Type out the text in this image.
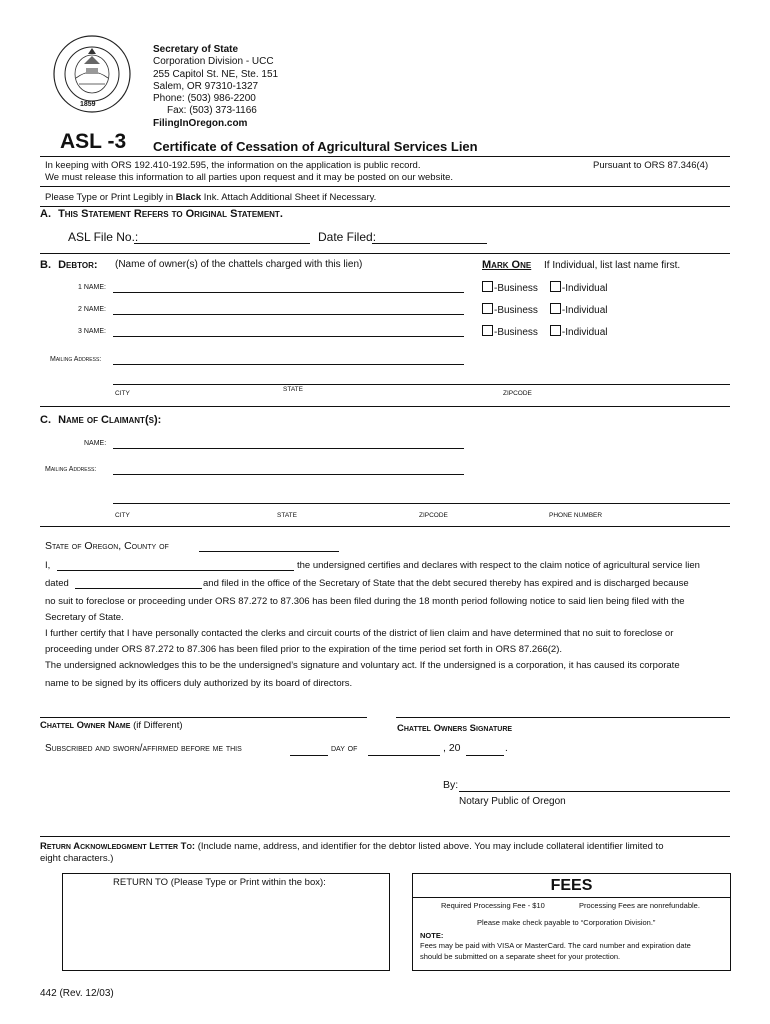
1859
Secretary of State
Corporation Division - UCC
255 Capitol St. NE, Ste. 151
Salem, OR 97310-1327
Phone: (503) 986-2200
Fax: (503) 373-1166
FilingInOregon.com
ASL -3 Certificate of Cessation of Agricultural Services Lien
In keeping with ORS 192.410-192.595, the information on the application is public record.
We must release this information to all parties upon request and it may be posted on our website.
Pursuant to ORS 87.346(4)
Please Type or Print Legibly in Black Ink. Attach Additional Sheet if Necessary.
A. This Statement Refers to Original Statement.
ASL File No.:	Date Filed:
B. Debtor: (Name of owner(s) of the chattels charged with this lien)	Mark One If Individual, list last name first.
1 NAME:	-Business -Individual
2 NAME:	-Business -Individual
3 NAME:	-Business -Individual
Mailing Address:
CITY
STATE
ZIPCODE
C. Name of Claimant(s):
NAME:
Mailing Address:
CITY	STATE	ZIPCODE	PHONE NUMBER
State of Oregon, County of
I,	the undersigned certifies and declares with respect to the claim notice of agricultural service lien
dated	and filed in the office of the Secretary of State that the debt secured thereby has expired and is discharged because
no suit to foreclose or proceeding under ORS 87.272 to 87.306 has been filed during the 18 month period following notice to said lien being filed with the
Secretary of State.
I further certify that I have personally contacted the clerks and circuit courts of the district of lien claim and have determined that no suit to foreclose or
proceeding under ORS 87.272 to 87.306 has been filed prior to the expiration of the time period set forth in ORS 87.266(2).
The undersigned acknowledges this to be the undersigned’s signature and voluntary act. If the undersigned is a corporation, it has caused its corporate
name to be signed by its officers duly authorized by its board of directors.
Chattel Owner Name (if Different)	Chattel Owners Signature
Subscribed and sworn/affirmed before me this	day of	, 20	.
By:
Notary Public of Oregon
Return Acknowledgment Letter To: (Include name, address, and identifier for the debtor listed above. You may include collateral identifier limited to
eight characters.)
RETURN TO (Please Type or Print within the box):	FEES
Required Processing Fee - $10	Processing Fees are nonrefundable.
Please make check payable to “Corporation Division.”
NOTE:
Fees may be paid with VISA or MasterCard. The card number and expiration date
should be submitted on a separate sheet for your protection.
442 (Rev. 12/03)
